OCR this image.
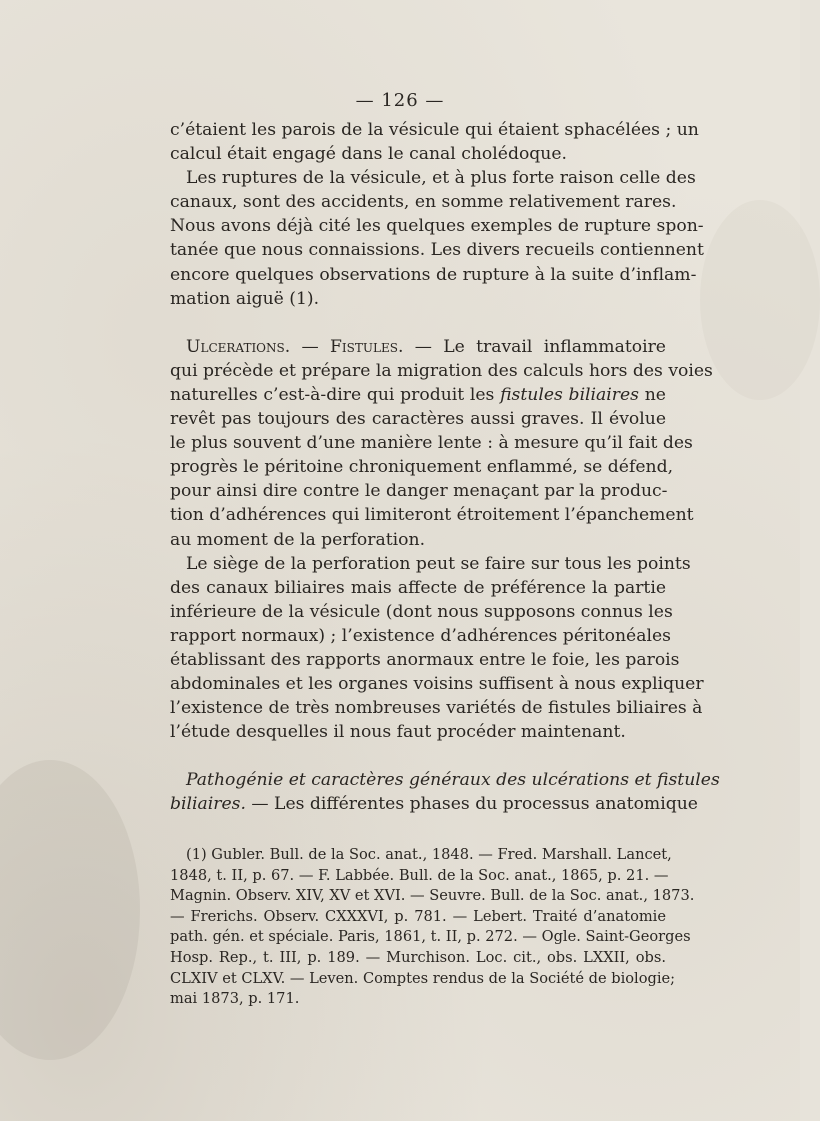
— 126 —

c’étaient les parois de la vésicule qui étaient sphacélées ; un
calcul était engagé dans le canal cholédoque.

Les ruptures de la vésicule, et à plus forte raison celle des
canaux, sont des accidents, en somme relativement rares.
Nous avons déjà cité les quelques exemples de rupture spon-
tanée que nous connaissions. Les divers recueils contiennent
encore quelques observations de rupture à la suite d’inflam-
mation aiguë (1).

Ulcerations. — Fistules. — Le travail inflammatoire
qui précède et prépare la migration des calculs hors des voies
naturelles c’est-à-dire qui produit les fistules biliaires ne
revêt pas toujours des caractères aussi graves. Il évolue
le plus souvent d’une manière lente : à mesure qu’il fait des
progrès le péritoine chroniquement enflammé, se défend,
pour ainsi dire contre le danger menaçant par la produc-
tion d’adhérences qui limiteront étroitement l’épanchement
au moment de la perforation.

Le siège de la perforation peut se faire sur tous les points
des canaux biliaires mais affecte de préférence la partie
inférieure de la vésicule (dont nous supposons connus les
rapport normaux) ; l’existence d’adhérences péritonéales
établissant des rapports anormaux entre le foie, les parois
abdominales et les organes voisins suffisent à nous expliquer
l’existence de très nombreuses variétés de fistules biliaires à
l’étude desquelles il nous faut procéder maintenant.

Pathogénie et caractères généraux des ulcérations et fistules
biliaires. — Les différentes phases du processus anatomique

(1) Gubler. Bull. de la Soc. anat., 1848. — Fred. Marshall. Lancet,
1848, t. II, p. 67. — F. Labbée. Bull. de la Soc. anat., 1865, p. 21. —
Magnin. Observ. XIV, XV et XVI. — Seuvre. Bull. de la Soc. anat., 1873.
— Frerichs. Observ. CXXXVI, p. 781. — Lebert. Traité d’anatomie
path. gén. et spéciale. Paris, 1861, t. II, p. 272. — Ogle. Saint-Georges
Hosp. Rep., t. III, p. 189. — Murchison. Loc. cit., obs. LXXII, obs.
CLXIV et CLXV. — Leven. Comptes rendus de la Société de biologie;
mai 1873, p. 171.
